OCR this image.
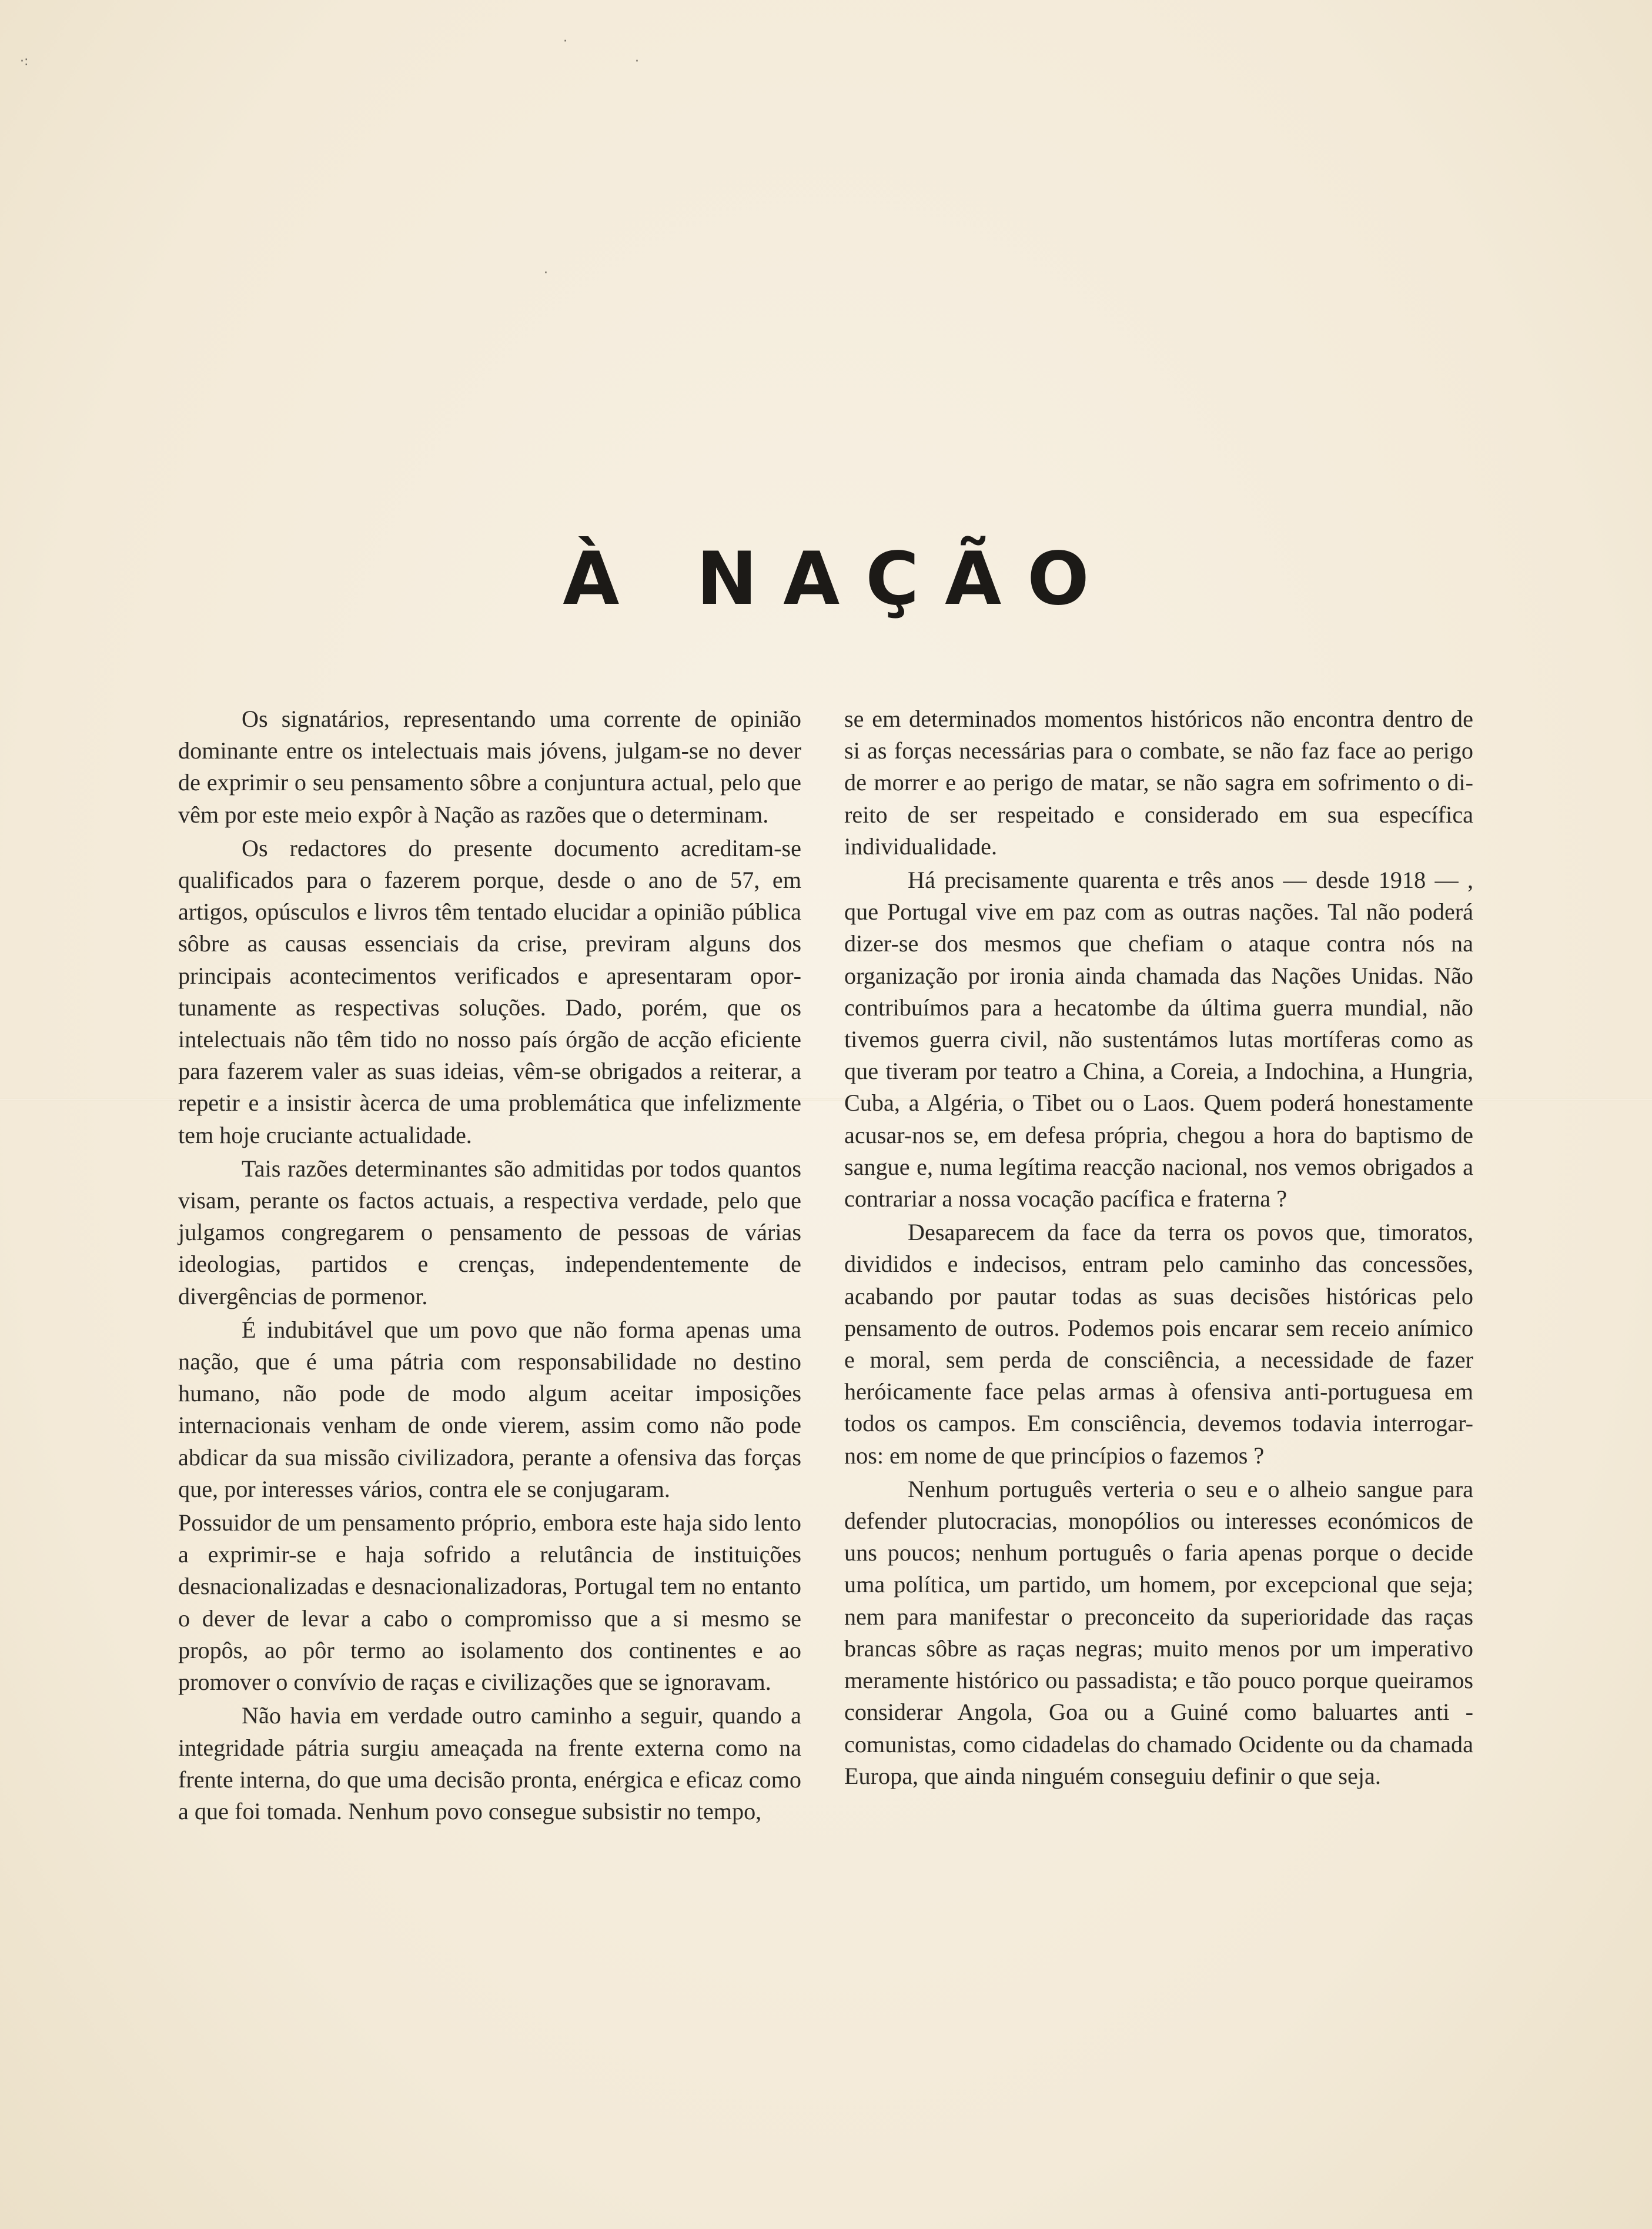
·:
·
·
·
À NAÇÃO

Os signatários, representando uma corrente de opinião dominante entre os intelectuais mais jóvens, julgam-se no dever de exprimir o seu pensamento sôbre a conjuntura actual, pelo que vêm por este meio expôr à Nação as razões que o determinam.

Os redactores do presente documento acreditam-se qualificados para o fazerem porque, desde o ano de 57, em artigos, opúsculos e livros têm tentado elucidar a opinião pública sôbre as causas essenciais da crise, previram alguns dos principais acontecimentos verificados e apresentaram oportunamente as respectivas soluções. Dado, porém, que os intelectuais não têm tido no nosso país órgão de acção eficiente para fazerem valer as suas ideias, vêm-se obrigados a reiterar, a repetir e a insistir àcerca de uma problemática que infelizmente tem hoje cruciante actualidade.

Tais razões determinantes são admitidas por todos quantos visam, perante os factos actuais, a respectiva verdade, pelo que julgamos congregarem o pensamento de pessoas de várias ideologias, partidos e crenças, independentemente de divergências de pormenor.

É indubitável que um povo que não forma apenas uma nação, que é uma pátria com responsabilidade no destino humano, não pode de modo algum aceitar imposições internacionais venham de onde vierem, assim como não pode abdicar da sua missão civilizadora, perante a ofensiva das forças que, por interesses vários, contra ele se conjugaram.

Possuidor de um pensamento próprio, embora este haja sido lento a exprimir-se e haja sofrido a relutância de instituições desnacionalizadas e desnacionalizadoras, Portugal tem no entanto o dever de levar a cabo o compromisso que a si mesmo se propôs, ao pôr termo ao isolamento dos continentes e ao promover o convívio de raças e civilizações que se ignoravam.

Não havia em verdade outro caminho a seguir, quando a integridade pátria surgiu ameaçada na frente externa como na frente interna, do que uma decisão pronta, enérgica e eficaz como a que foi tomada. Nenhum povo consegue subsistir no tempo,

se em determinados momentos históricos não encontra dentro de si as forças necessárias para o combate, se não faz face ao perigo de morrer e ao perigo de matar, se não sagra em sofrimento o direito de ser respeitado e considerado em sua específica individualidade.

Há precisamente quarenta e três anos — desde 1918 — , que Portugal vive em paz com as outras nações. Tal não poderá dizer-se dos mesmos que chefiam o ataque contra nós na organização por ironia ainda chamada das Nações Unidas. Não contribuímos para a hecatombe da última guerra mundial, não tivemos guerra civil, não sustentámos lutas mortíferas como as que tiveram por teatro a China, a Coreia, a Indochina, a Hungria, Cuba, a Algéria, o Tibet ou o Laos. Quem poderá honestamente acusar-nos se, em defesa própria, chegou a hora do baptismo de sangue e, numa legítima reacção nacional, nos vemos obrigados a contrariar a nossa vocação pacífica e fraterna ?

Desaparecem da face da terra os povos que, timoratos, divididos e indecisos, entram pelo caminho das concessões, acabando por pautar todas as suas decisões históricas pelo pensamento de outros. Podemos pois encarar sem receio anímico e moral, sem perda de consciência, a necessidade de fazer heróicamente face pelas armas à ofensiva anti-portuguesa em todos os campos. Em consciência, devemos todavia interrogar-nos: em nome de que princípios o fazemos ?

Nenhum português verteria o seu e o alheio sangue para defender plutocracias, monopólios ou interesses económicos de uns poucos; nenhum português o faria apenas porque o decide uma política, um partido, um homem, por excepcional que seja; nem para manifestar o preconceito da superioridade das raças brancas sôbre as raças negras; muito menos por um imperativo meramente histórico ou passadista; e tão pouco porque queiramos considerar Angola, Goa ou a Guiné como baluartes anti - comunistas, como cidadelas do chamado Ocidente ou da chamada Europa, que ainda ninguém conseguiu definir o que seja.
